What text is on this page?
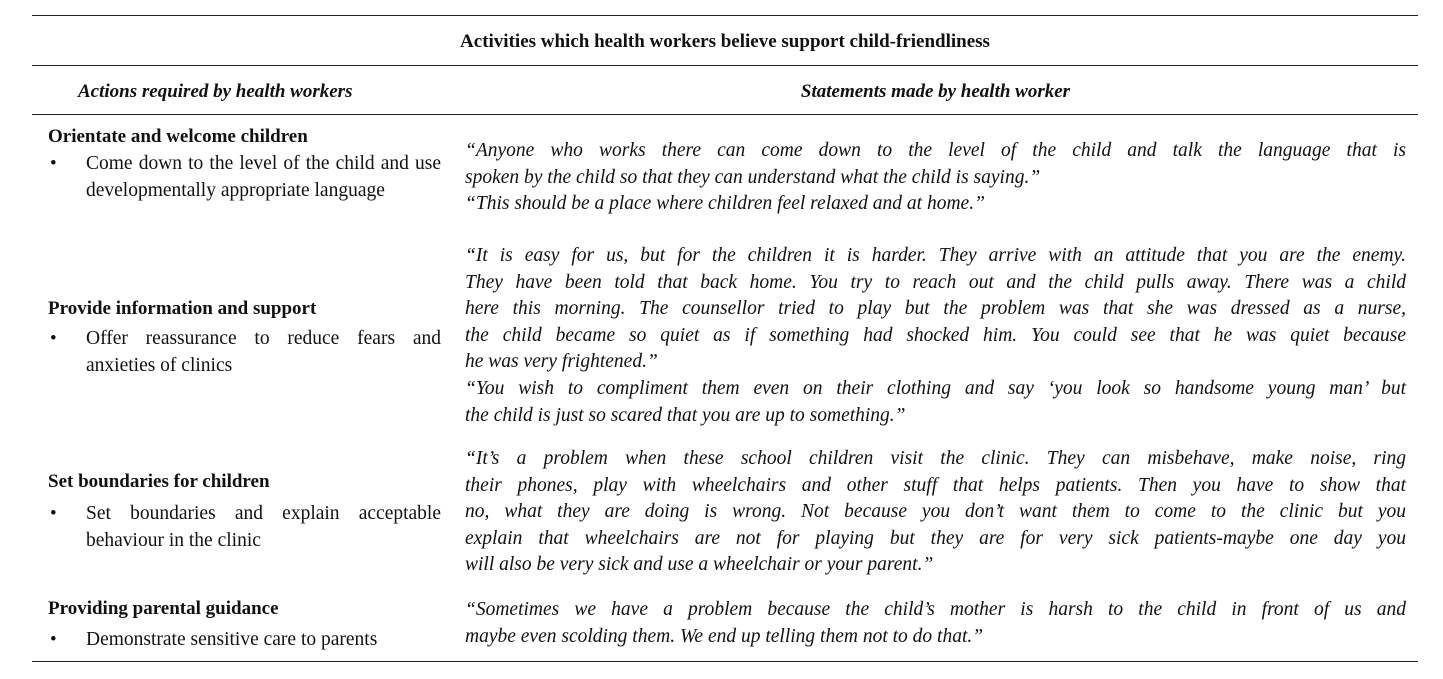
Activities which health workers believe support child-friendliness
Actions required by health workers	Statements made by health worker
Orientate and welcome children
• Come down to the level of the child and use developmentally appropriate language
“Anyone who works there can come down to the level of the child and talk the language that is
spoken by the child so that they can understand what the child is saying.”
“This should be a place where children feel relaxed and at home.”
Provide information and support
• Offer reassurance to reduce fears and anxieties of clinics
“It is easy for us, but for the children it is harder. They arrive with an attitude that you are the enemy.
They have been told that back home. You try to reach out and the child pulls away. There was a child
here this morning. The counsellor tried to play but the problem was that she was dressed as a nurse,
the child became so quiet as if something had shocked him. You could see that he was quiet because
he was very frightened.”
“You wish to compliment them even on their clothing and say ‘you look so handsome young man’ but
the child is just so scared that you are up to something.”
Set boundaries for children
• Set boundaries and explain acceptable behaviour in the clinic
“It’s a problem when these school children visit the clinic. They can misbehave, make noise, ring
their phones, play with wheelchairs and other stuff that helps patients. Then you have to show that
no, what they are doing is wrong. Not because you don’t want them to come to the clinic but you
explain that wheelchairs are not for playing but they are for very sick patients-maybe one day you
will also be very sick and use a wheelchair or your parent.”
Providing parental guidance
• Demonstrate sensitive care to parents
“Sometimes we have a problem because the child’s mother is harsh to the child in front of us and
maybe even scolding them. We end up telling them not to do that.”
